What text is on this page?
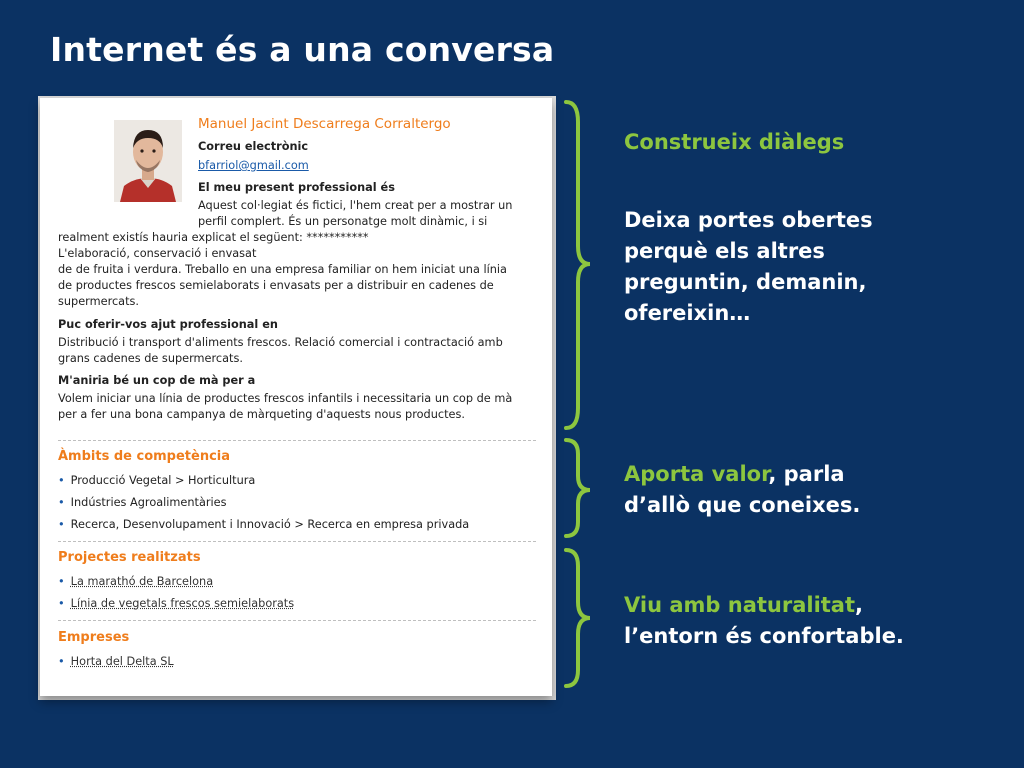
Internet és a una conversa
Manuel Jacint Descarrega Corraltergo
Correu electrònic
bfarriol@gmail.com
El meu present professional és
Aquest col·legiat és fictici, l'hem creat per a mostrar un
perfil complert. És un personatge molt dinàmic, i si
realment existís hauria explicat el següent: ***********
L'elaboració, conservació i envasat
de de fruita i verdura. Treballo en una empresa familiar on hem iniciat una línia
de productes frescos semielaborats i envasats per a distribuir en cadenes de
supermercats.
Puc oferir-vos ajut professional en
Distribució i transport d'aliments frescos. Relació comercial i contractació amb
grans cadenes de supermercats.
M'aniria bé un cop de mà per a
Volem iniciar una línia de productes frescos infantils i necessitaria un cop de mà
per a fer una bona campanya de màrqueting d'aquests nous productes.
Àmbits de competència
• Producció Vegetal > Horticultura
• Indústries Agroalimentàries
• Recerca, Desenvolupament i Innovació > Recerca en empresa privada
Projectes realitzats
• La marathó de Barcelona
• Línia de vegetals frescos semielaborats
Empreses
• Horta del Delta SL
Construeix diàlegs
Deixa portes obertes
perquè els altres
preguntin, demanin,
ofereixin…
Aporta valor, parla
d’allò que coneixes.
Viu amb naturalitat,
l’entorn és confortable.
